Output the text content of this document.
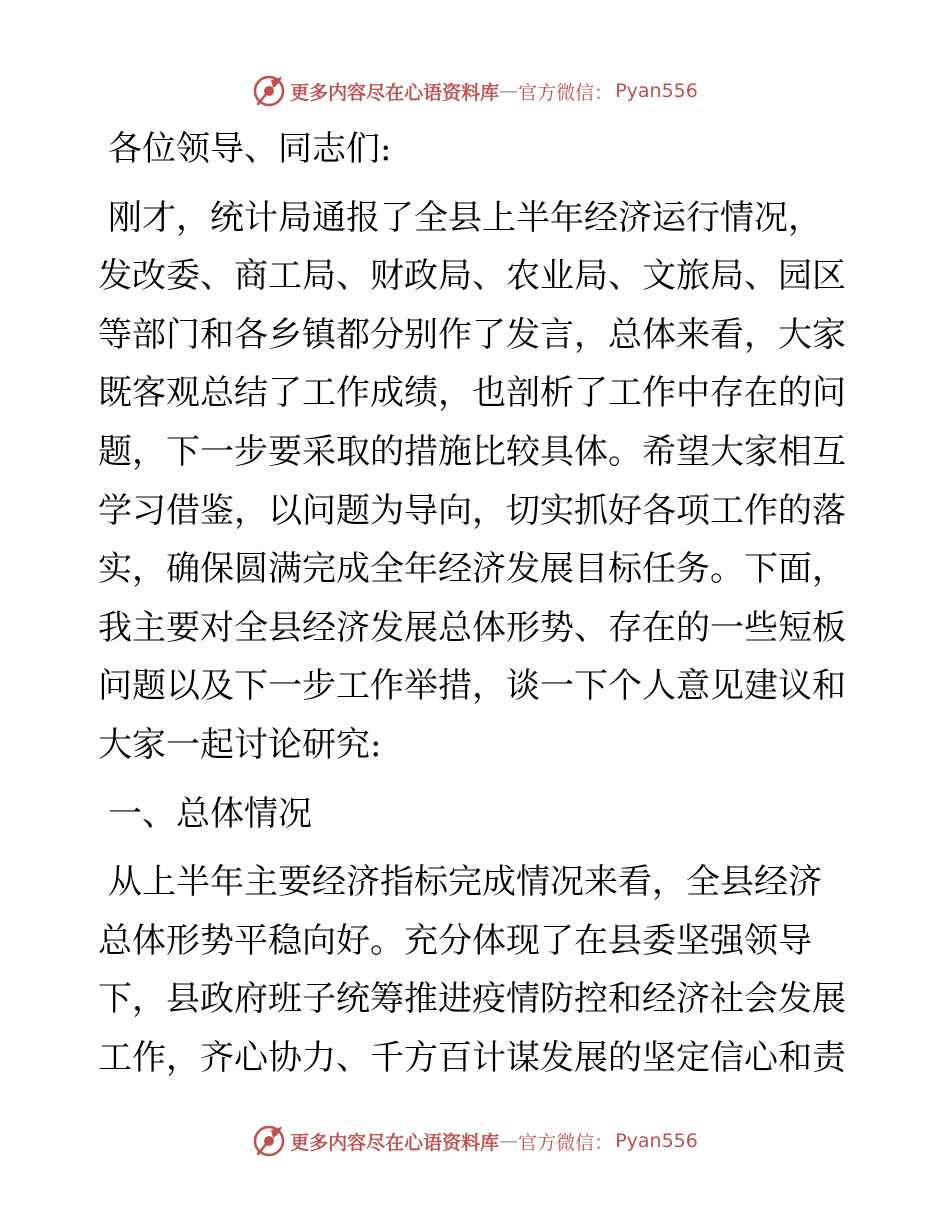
更多内容尽在心语资料库 — 官方微信： Pyan556

各位领导、同志们:

刚才，统计局通报了全县上半年经济运行情况，

发改委、商工局、财政局、农业局、文旅局、园区

等部门和各乡镇都分别作了发言，总体来看，大家

既客观总结了工作成绩，也剖析了工作中存在的问

题，下一步要采取的措施比较具体。希望大家相互

学习借鉴，以问题为导向，切实抓好各项工作的落

实，确保圆满完成全年经济发展目标任务。下面，

我主要对全县经济发展总体形势、存在的一些短板

问题以及下一步工作举措，谈一下个人意见建议和

大家一起讨论研究:

一、总体情况

从上半年主要经济指标完成情况来看，全县经济

总体形势平稳向好。充分体现了在县委坚强领导

下，县政府班子统筹推进疫情防控和经济社会发展

工作，齐心协力、千方百计谋发展的坚定信心和责

更多内容尽在心语资料库 — 官方微信： Pyan556
